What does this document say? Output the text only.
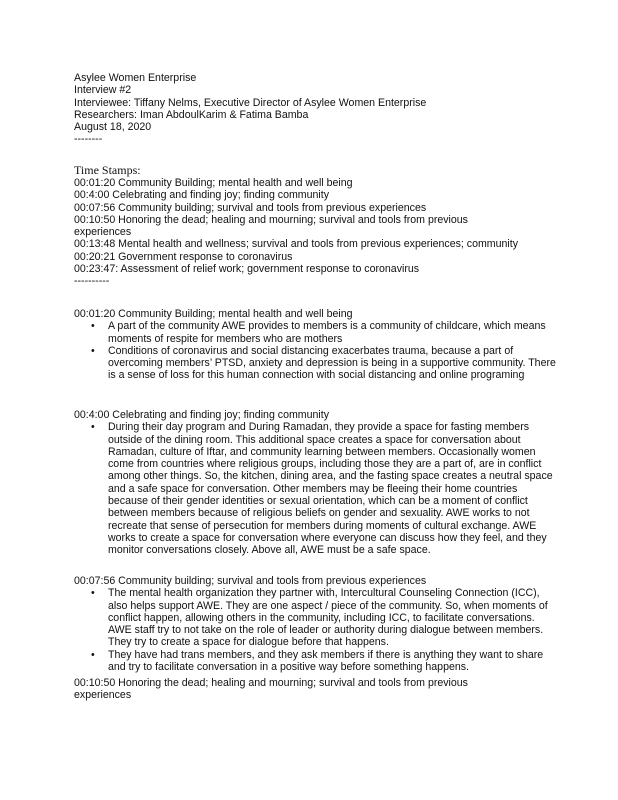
Asylee Women Enterprise
Interview #2
Interviewee: Tiffany Nelms, Executive Director of Asylee Women Enterprise
Researchers: Iman AbdoulKarim & Fatima Bamba
August 18, 2020
--------
Time Stamps:
00:01:20 Community Building; mental health and well being
00:4:00 Celebrating and finding joy; finding community
00:07:56 Community building; survival and tools from previous experiences
00:10:50 Honoring the dead; healing and mourning; survival and tools from previous
experiences
00:13:48 Mental health and wellness; survival and tools from previous experiences; community
00:20:21 Government response to coronavirus
00:23:47: Assessment of relief work; government response to coronavirus
----------
00:01:20 Community Building; mental health and well being
• A part of the community AWE provides to members is a community of childcare, which means moments of respite for members who are mothers
• Conditions of coronavirus and social distancing exacerbates trauma, because a part of overcoming members’ PTSD, anxiety and depression is being in a supportive community. There is a sense of loss for this human connection with social distancing and online programing
00:4:00 Celebrating and finding joy; finding community
• During their day program and During Ramadan, they provide a space for fasting members outside of the dining room. This additional space creates a space for conversation about Ramadan, culture of Iftar, and community learning between members. Occasionally women come from countries where religious groups, including those they are a part of, are in conflict among other things. So, the kitchen, dining area, and the fasting space creates a neutral space and a safe space for conversation. Other members may be fleeing their home countries because of their gender identities or sexual orientation, which can be a moment of conflict between members because of religious beliefs on gender and sexuality. AWE works to not recreate that sense of persecution for members during moments of cultural exchange. AWE works to create a space for conversation where everyone can discuss how they feel, and they monitor conversations closely. Above all, AWE must be a safe space.
00:07:56 Community building; survival and tools from previous experiences
• The mental health organization they partner with, Intercultural Counseling Connection (ICC), also helps support AWE. They are one aspect / piece of the community. So, when moments of conflict happen, allowing others in the community, including ICC, to facilitate conversations. AWE staff try to not take on the role of leader or authority during dialogue between members. They try to create a space for dialogue before that happens.
• They have had trans members, and they ask members if there is anything they want to share and try to facilitate conversation in a positive way before something happens.
00:10:50 Honoring the dead; healing and mourning; survival and tools from previous
experiences
